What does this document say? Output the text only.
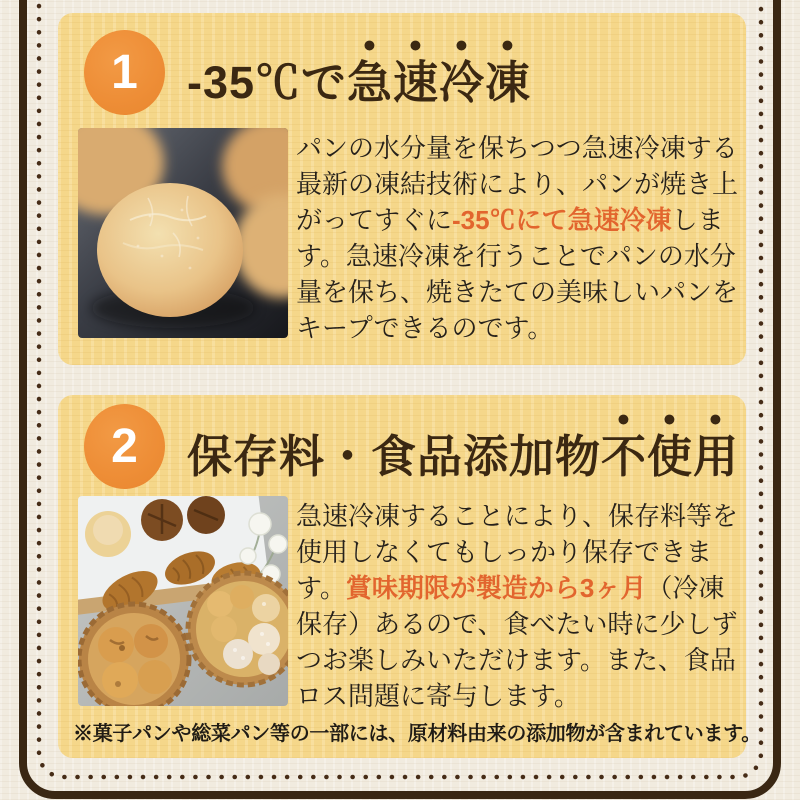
1 -35℃で急速冷凍

パンの水分量を保ちつつ急速冷凍する最新の凍結技術により、パンが焼き上がってすぐに-35℃にて急速冷凍します。急速冷凍を行うことでパンの水分量を保ち、焼きたての美味しいパンをキープできるのです。

2 保存料・食品添加物不使用

急速冷凍することにより、保存料等を使用しなくてもしっかり保存できます。賞味期限が製造から3ヶ月（冷凍保存）あるので、食べたい時に少しずつお楽しみいただけます。また、食品ロス問題に寄与します。

※菓子パンや総菜パン等の一部には、原材料由来の添加物が含まれています。
